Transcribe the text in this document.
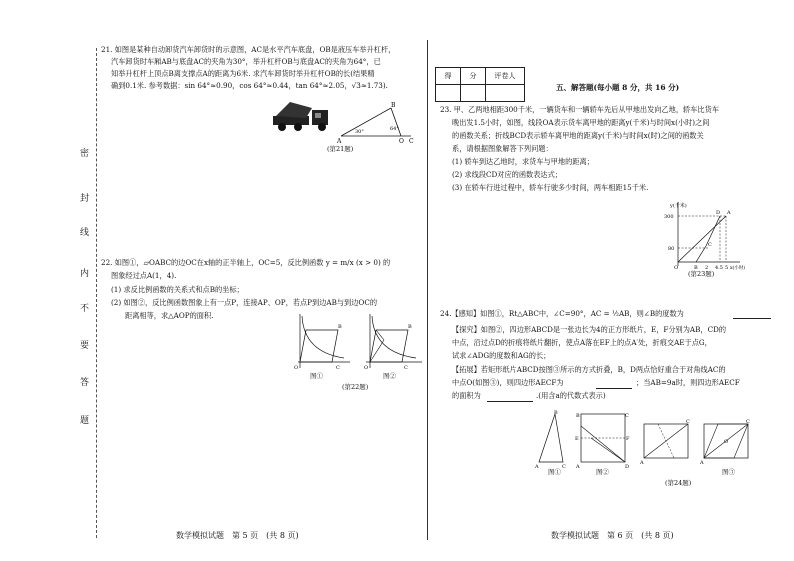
密
封
线
内
不
要
答
题
21. 如图是某种自动卸货汽车卸货时的示意图，AC是水平汽车底盘，OB是液压车举升杠杆，
汽车卸货时车厢AB与底盘AC的夹角为30°，举升杠杆OB与底盘AC的夹角为64°，已
知举升杠杆上顶点B离支撑点A的距离为6米. 求汽车卸货时举升杠杆OB的长(结果精
确到0.1米. 参考数据：sin 64°≈0.90，cos 64°≈0.44，tan 64°≈2.05，√3≈1.73).
A
B
O C
30°	64°
(第21题)
22. 如图①，▱OABC的边OC在x轴的正半轴上，OC=5，反比例函数 y = m/x (x > 0) 的
图象经过点A(1，4).
(1) 求反比例函数的关系式和点B的坐标；
(2) 如图②，反比例函数图象上有一点P，连接AP、OP，若点P到边AB与到边OC的
距离相等，求△AOP的面积.
B
O	C
B
O	C
图①	图②
(第22题)
数学模拟试题　第 5 页　(共 8 页)
得	分	评卷人

五、解答题(每小题 8 分，共 16 分)
23. 甲、乙两地相距300千米，一辆货车和一辆轿车先后从甲地出发向乙地，轿车比货车
晚出发1.5小时，如图，线段OA表示货车离甲地的距离y(千米)与时间x(小时)之间
的函数关系；折线BCD表示轿车离甲地的距离y(千米)与时间x(时)之间的函数关
系，请根据图象解答下列问题：
(1) 轿车到达乙地时，求货车与甲地的距离；
(2) 求线段CD对应的函数表达式；
(3) 在轿车行进过程中，轿车行驶多少时间，两车相距15千米.
y(千米)
300
80
O	B 2 4.5 5
C
D A
x(小时)
(第23题)
24.【感知】如图①，Rt△ABC中，∠C=90°，AC = ½AB，则∠B的度数为
【探究】如图②，四边形ABCD是一张边长为4的正方形纸片，E，F分别为AB，CD的
中点，沿过点D的折痕将纸片翻折，使点A落在EF上的点A′处，折痕交AE于点G，
试求∠ADG的度数和AG的长；
【拓展】若矩形纸片ABCD按图③所示的方式折叠，B，D两点恰好重合于对角线AC的
中点O(如图③)，则四边形AECF为	；当AB=9a时，则四边形AECF
的面积为	.(用含a的代数式表示)
A
B
C
B	C
A	D
E	F
A
C
A
C
O
图①	图②	图③
(第24题)
数学模拟试题　第 6 页　(共 8 页)
